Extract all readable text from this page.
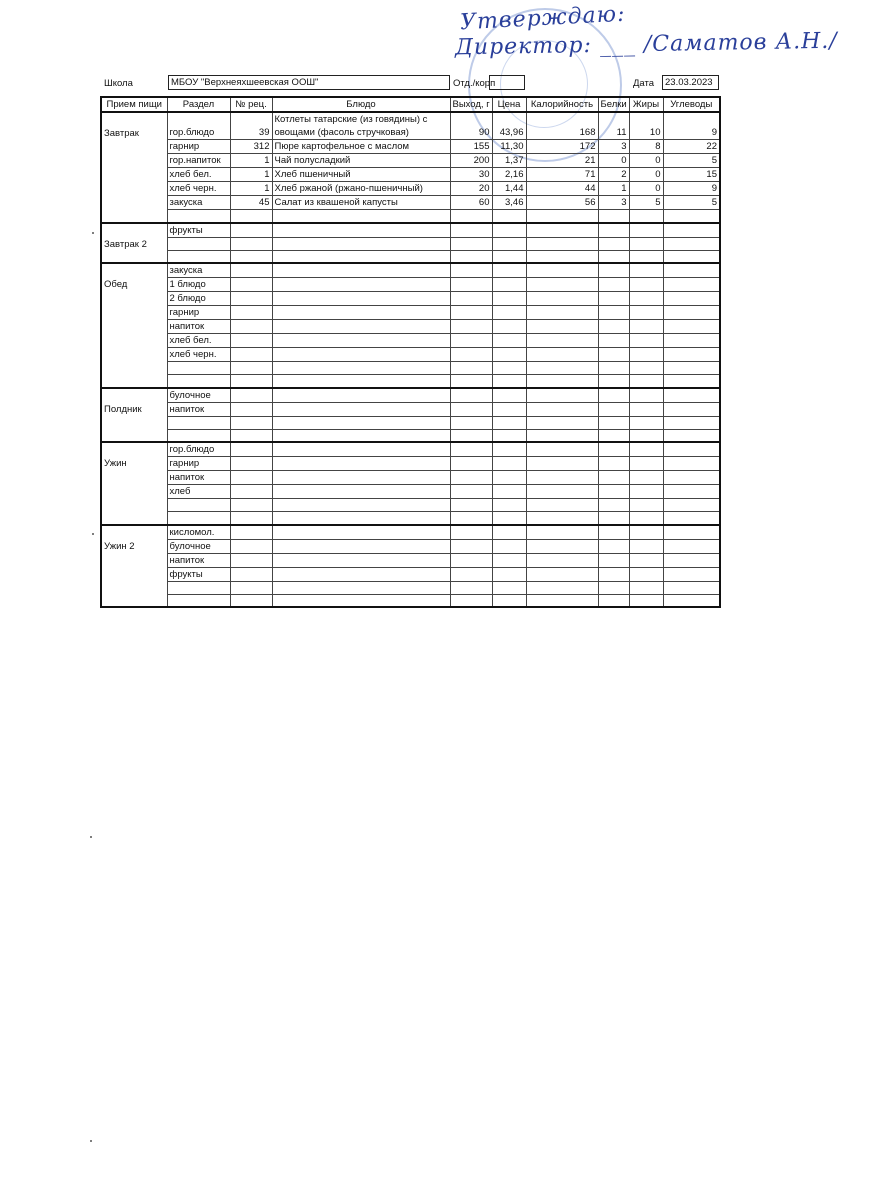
Утверждаю:
Директор: ___ /Саматов А.Н./
Школа	МБОУ "Верхнеяхшеевская ООШ"	Отд./корп	Дата	23.03.2023
Прием пищи	Раздел	№ рец.	Блюдо	Выход, г	Цена	Калорийность	Белки	Жиры	Углеводы
Завтрак	гор.блюдо	39	Котлеты татарские (из говядины) с овощами (фасоль стручковая)	90	43,96	168	11	10	9
	гарнир	312	Пюре картофельное с маслом	155	11,30	172	3	8	22
	гор.напиток	1	Чай полусладкий	200	1,37	21	0	0	5
	хлеб бел.	1	Хлеб пшеничный	30	2,16	71	2	0	15
	хлеб черн.	1	Хлеб ржаной (ржано-пшеничный)	20	1,44	44	1	0	9
	закуска	45	Салат из квашеной капусты	60	3,46	56	3	5	5

Завтрак 2	фрукты								

Обед	закуска								
	1 блюдо								
	2 блюдо								
	гарнир								
	напиток								
	хлеб бел.								
	хлеб черн.								

Полдник	булочное								
	напиток								

Ужин	гор.блюдо								
	гарнир								
	напиток								
	хлеб								

Ужин 2	кисломол.								
	булочное								
	напиток								
	фрукты								
